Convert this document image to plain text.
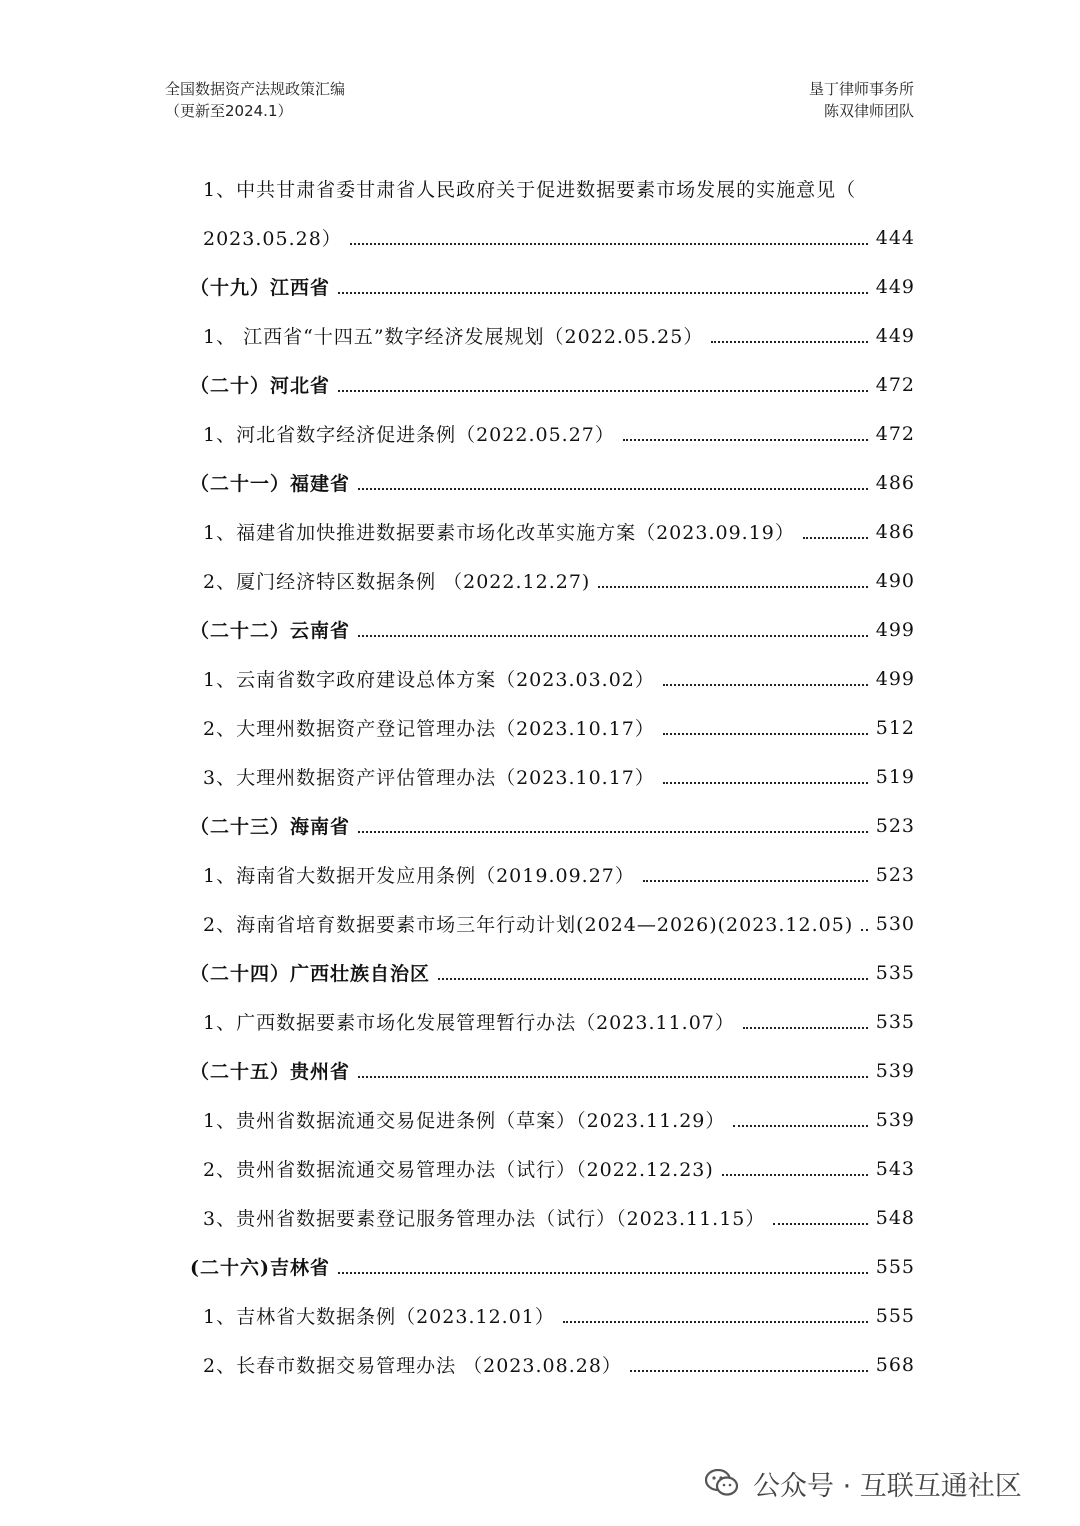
全国数据资产法规政策汇编
（更新至2024.1）
垦丁律师事务所
陈双律师团队
1、中共甘肃省委甘肃省人民政府关于促进数据要素市场发展的实施意见（
2023.05.28）	444
（十九）江西省	449
1、 江西省“十四五”数字经济发展规划（2022.05.25）	449
（二十）河北省	472
1、河北省数字经济促进条例（2022.05.27）	472
（二十一）福建省	486
1、福建省加快推进数据要素市场化改革实施方案（2023.09.19）	486
2、厦门经济特区数据条例 （2022.12.27)	490
（二十二）云南省	499
1、云南省数字政府建设总体方案（2023.03.02）	499
2、大理州数据资产登记管理办法（2023.10.17）	512
3、大理州数据资产评估管理办法（2023.10.17）	519
（二十三）海南省	523
1、海南省大数据开发应用条例（2019.09.27）	523
2、海南省培育数据要素市场三年行动计划(2024—2026)(2023.12.05) 530
（二十四）广西壮族自治区	535
1、广西数据要素市场化发展管理暂行办法（2023.11.07）	535
（二十五）贵州省	539
1、贵州省数据流通交易促进条例（草案）（2023.11.29）	539
2、贵州省数据流通交易管理办法（试行）（2022.12.23)	543
3、贵州省数据要素登记服务管理办法（试行）（2023.11.15）	548
(二十六)吉林省	555
1、吉林省大数据条例（2023.12.01）	555
2、长春市数据交易管理办法 （2023.08.28）	568
公众号 · 互联互通社区
